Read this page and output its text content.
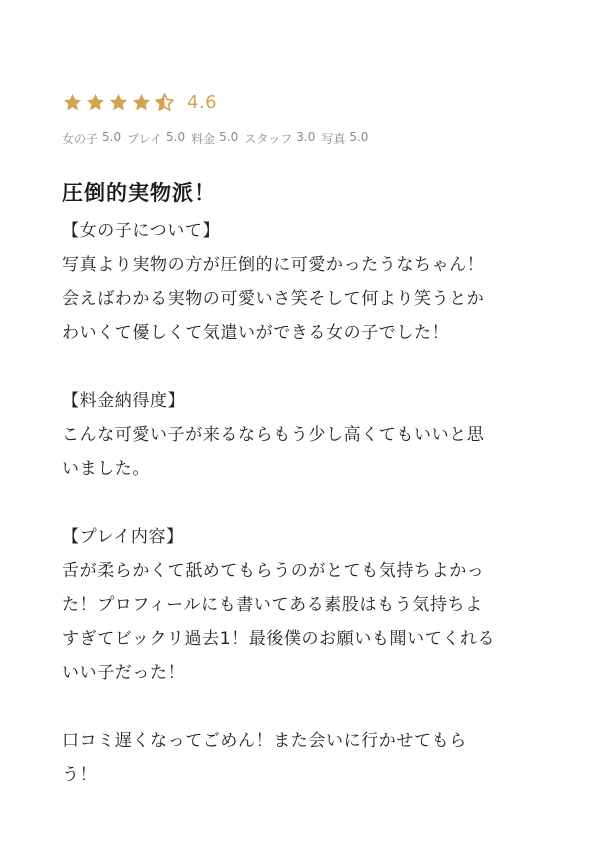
4.6
女の子 5.0 プレイ 5.0 料金 5.0 スタッフ 3.0 写真 5.0
圧倒的実物派！
【女の子について】
写真より実物の方が圧倒的に可愛かったうなちゃん！
会えばわかる実物の可愛いさ笑そして何より笑うとか
わいくて優しくて気遣いができる女の子でした！
【料金納得度】
こんな可愛い子が来るならもう少し高くてもいいと思
いました。
【プレイ内容】
舌が柔らかくて舐めてもらうのがとても気持ちよかっ
た！プロフィールにも書いてある素股はもう気持ちよ
すぎてビックリ過去1！最後僕のお願いも聞いてくれる
いい子だった！
口コミ遅くなってごめん！また会いに行かせてもら
う！
